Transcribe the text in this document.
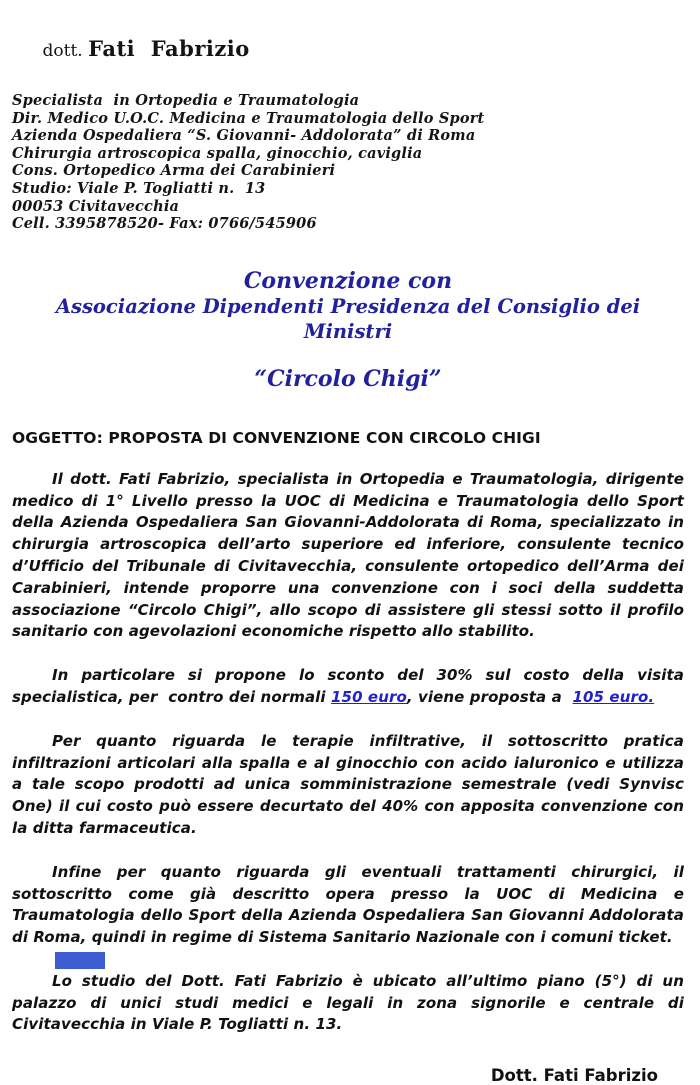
dott. Fati  Fabrizio

Specialista  in Ortopedia e Traumatologia
Dir. Medico U.O.C. Medicina e Traumatologia dello Sport
Azienda Ospedaliera “S. Giovanni- Addolorata” di Roma
Chirurgia artroscopica spalla, ginocchio, caviglia
Cons. Ortopedico Arma dei Carabinieri
Studio: Viale P. Togliatti n.  13
00053 Civitavecchia
Cell. 3395878520- Fax: 0766/545906
Convenzione con
Associazione Dipendenti Presidenza del Consiglio dei Ministri
“Circolo Chigi”
OGGETTO: PROPOSTA DI CONVENZIONE CON CIRCOLO CHIGI

Il dott. Fati Fabrizio, specialista in Ortopedia e Traumatologia, dirigente medico di 1° Livello presso la UOC di Medicina e Traumatologia dello Sport della Azienda Ospedaliera San Giovanni-Addolorata di Roma, specializzato in chirurgia artroscopica dell’arto superiore ed inferiore, consulente tecnico d’Ufficio del Tribunale di Civitavecchia, consulente ortopedico dell’Arma dei Carabinieri, intende proporre una convenzione con i soci della suddetta associazione “Circolo Chigi”, allo scopo di assistere gli stessi sotto il profilo sanitario con agevolazioni economiche rispetto allo stabilito.

In particolare si propone lo sconto del 30% sul costo della visita specialistica, per  contro dei normali 150 euro, viene proposta a  105 euro.

Per quanto riguarda le terapie infiltrative, il sottoscritto pratica infiltrazioni articolari alla spalla e al ginocchio con acido ialuronico e utilizza a tale scopo prodotti ad unica somministrazione semestrale (vedi Synvisc One) il cui costo può essere decurtato del 40% con apposita convenzione con la ditta farmaceutica.

Infine per quanto riguarda gli eventuali trattamenti chirurgici, il sottoscritto come già descritto opera presso la UOC di Medicina e Traumatologia dello Sport della Azienda Ospedaliera San Giovanni Addolorata di Roma, quindi in regime di Sistema Sanitario Nazionale con i comuni ticket.

Lo studio del Dott. Fati Fabrizio è ubicato all’ultimo piano (5°) di un palazzo di unici studi medici e legali in zona signorile e centrale di Civitavecchia in Viale P. Togliatti n. 13.

Dott. Fati Fabrizio
